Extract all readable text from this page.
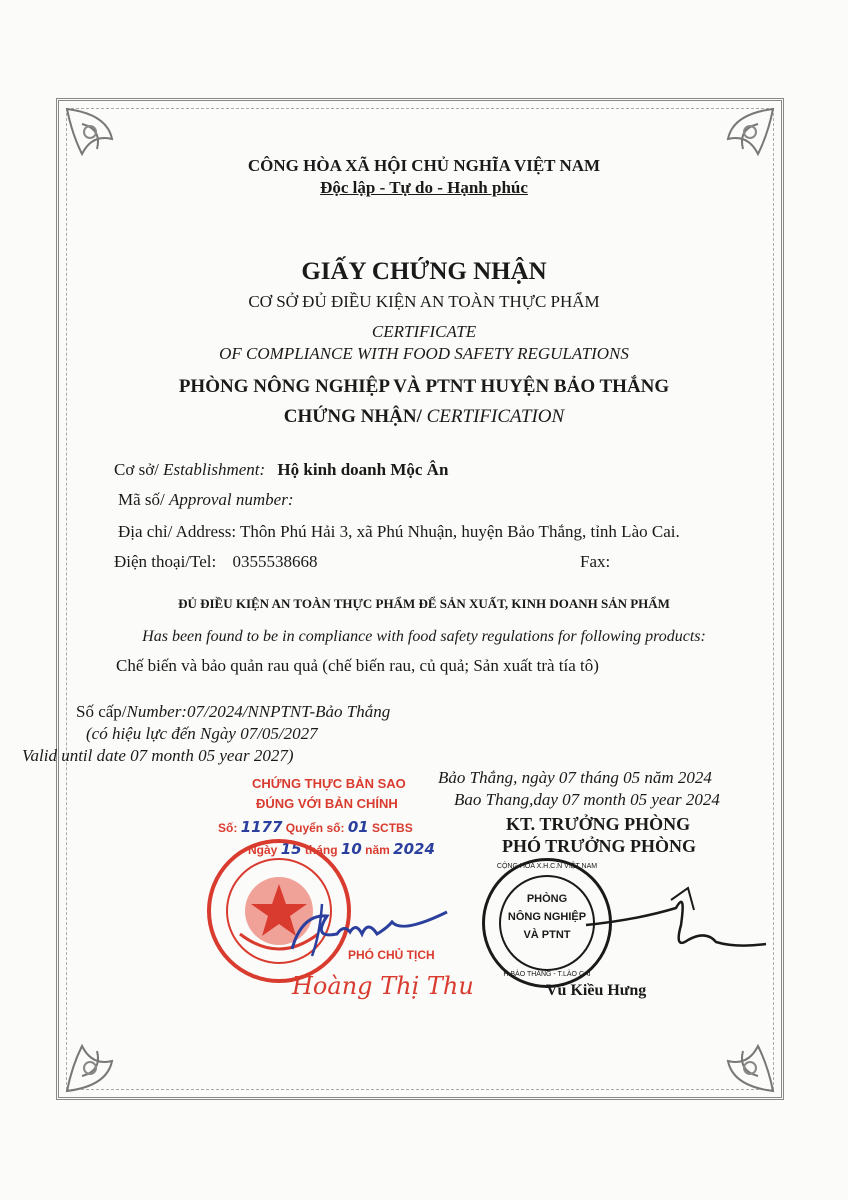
CÔNG HÒA XÃ HỘI CHỦ NGHĨA VIỆT NAM
Độc lập - Tự do - Hạnh phúc
GIẤY CHỨNG NHẬN
CƠ SỞ ĐỦ ĐIỀU KIỆN AN TOÀN THỰC PHẨM
CERTIFICATE
OF COMPLIANCE WITH FOOD SAFETY REGULATIONS
PHÒNG NÔNG NGHIỆP VÀ PTNT HUYỆN BẢO THẮNG
CHỨNG NHẬN/ CERTIFICATION
Cơ sở/ Establishment: Hộ kinh doanh Mộc Ân
Mã số/ Approval number:
Địa chỉ/ Address: Thôn Phú Hải 3, xã Phú Nhuận, huyện Bảo Thắng, tỉnh Lào Cai.
Điện thoại/Tel: 0355538668	Fax:
ĐỦ ĐIỀU KIỆN AN TOÀN THỰC PHẨM ĐỂ SẢN XUẤT, KINH DOANH SẢN PHẨM
Has been found to be in compliance with food safety regulations for following products:
Chế biến và bảo quản rau quả (chế biến rau, củ quả; Sản xuất trà tía tô)
Số cấp/Number:07/2024/NNPTNT-Bảo Thắng
(có hiệu lực đến Ngày 07/05/2027
Valid until date 07 month 05 year 2027)
Bảo Thắng, ngày 07 tháng 05 năm 2024
Bao Thang,day 07 month 05 year 2024
KT. TRƯỞNG PHÒNG
PHÓ TRƯỞNG PHÒNG
CỘNG HÒA X.H.C.N VIỆT NAM
PHÒNG
NÔNG NGHIỆP
VÀ PTNT
H.BẢO THẮNG - T.LÀO CAI
Vũ Kiều Hưng
CHỨNG THỰC BẢN SAO
ĐÚNG VỚI BẢN CHÍNH
Số: 1177 Quyển số: 01 SCTBS
Ngày 15 tháng 10 năm 2024
PHÓ CHỦ TỊCH
Hoàng Thị Thu
